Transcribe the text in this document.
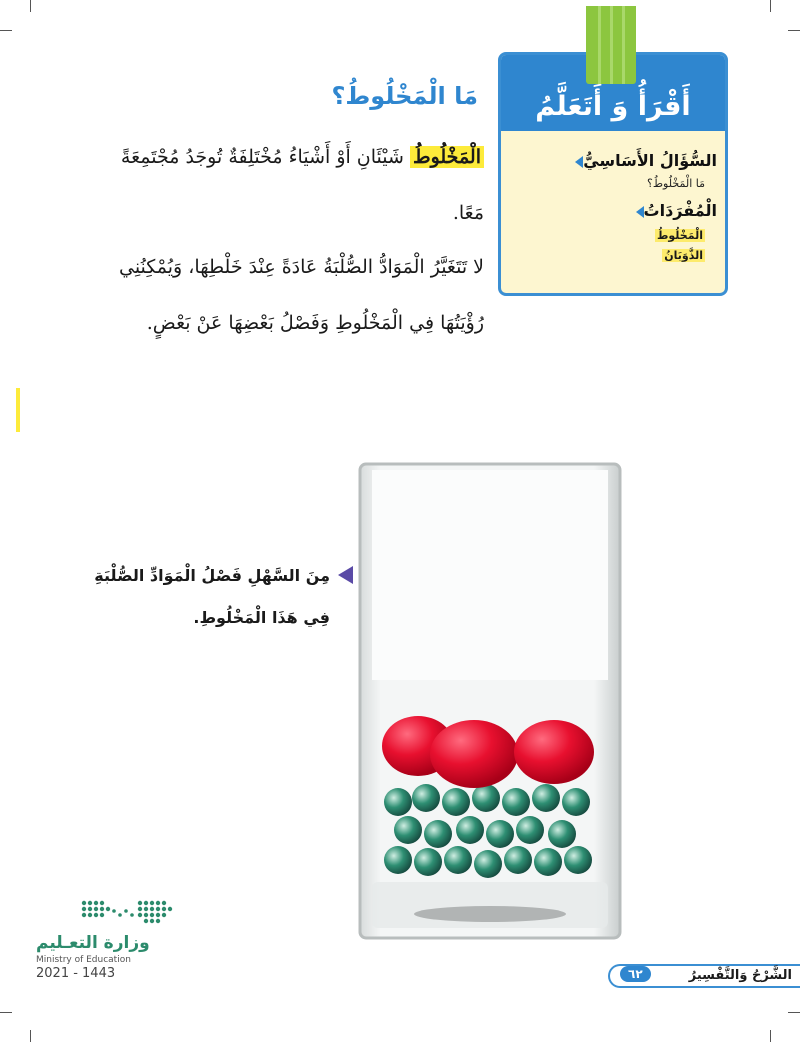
أَقْرَأُ وَ أَتَعَلَّمُ
السُّؤَالُ الأَسَاسِيُّ
مَا الْمَخْلُوطُ؟
الْمُفْرَدَاتُ
الْمَخْلُوطُ
الذَّوَبَانُ
مَا الْمَخْلُوطُ؟
الْمَخْلُوطُ شَيْئَانِ أَوْ أَشْيَاءُ مُخْتَلِفَةٌ تُوجَدُ مُجْتَمِعَةً
مَعًا.
لا تَتَغَيَّرُ الْمَوَادُّ الصُّلْبَةُ عَادَةً عِنْدَ خَلْطِهَا، وَيُمْكِنُنِي
رُؤْيَتُهَا فِي الْمَخْلُوطِ وَفَصْلُ بَعْضِهَا عَنْ بَعْضٍ.
مِنَ السَّهْلِ فَصْلُ الْمَوَادِّ الصُّلْبَةِ
فِي هَذَا الْمَخْلُوطِ.
وزارة التعـليم
Ministry of Education
2021 - 1443	الشَّرْحُ وَالتَّفْسِيرُ
٦٢
